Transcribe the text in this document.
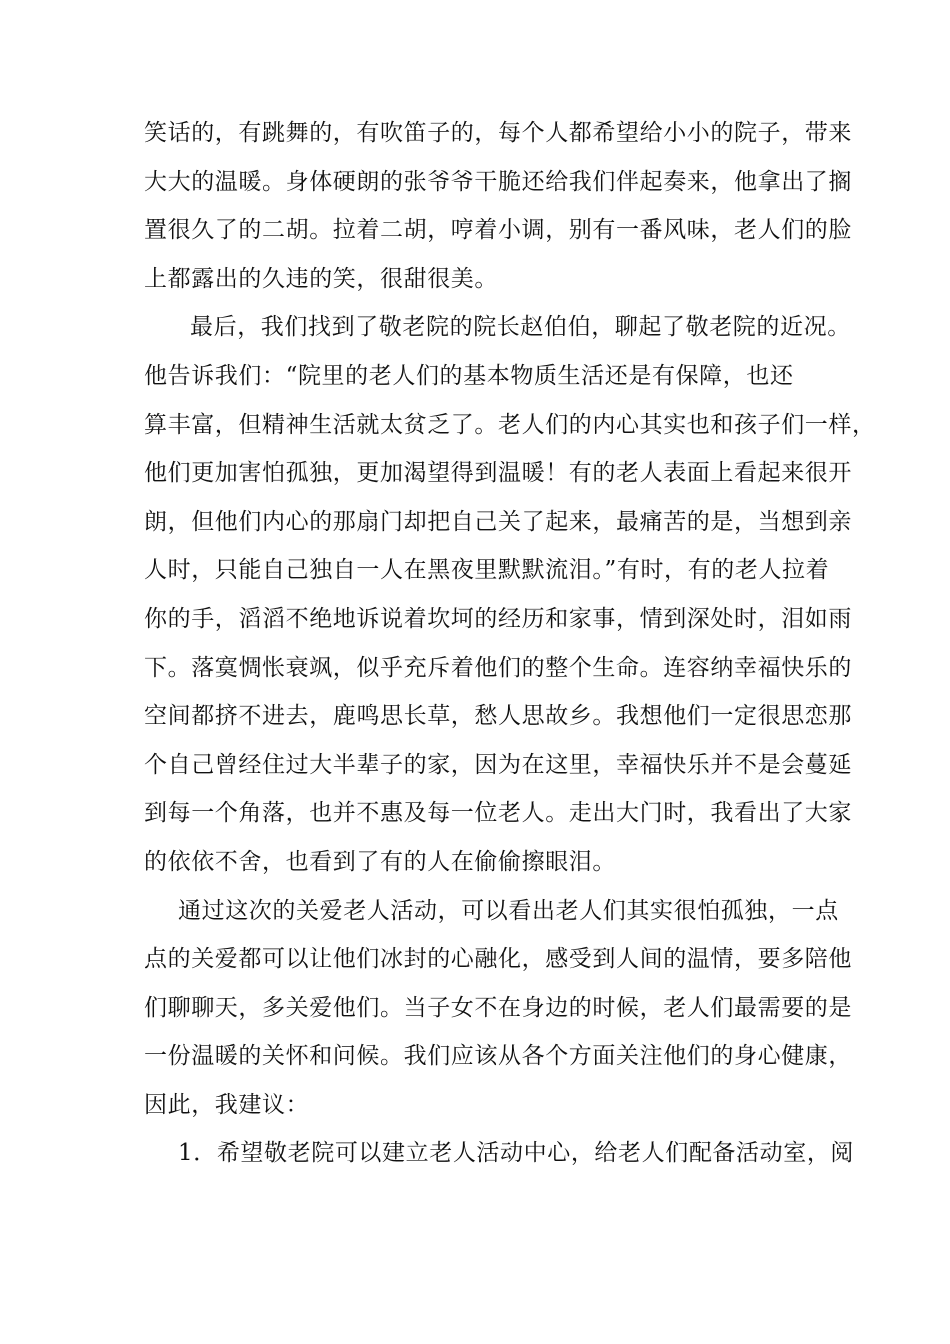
笑话的，有跳舞的，有吹笛子的，每个人都希望给小小的院子，带来
大大的温暖。身体硬朗的张爷爷干脆还给我们伴起奏来，他拿出了搁
置很久了的二胡。拉着二胡，哼着小调，别有一番风味，老人们的脸
上都露出的久违的笑，很甜很美。
最后，我们找到了敬老院的院长赵伯伯，聊起了敬老院的近况。
他告诉我们：“院里的老人们的基本物质生活还是有保障，也还
算丰富，但精神生活就太贫乏了。老人们的内心其实也和孩子们一样，
他们更加害怕孤独，更加渴望得到温暖！有的老人表面上看起来很开
朗，但他们内心的那扇门却把自己关了起来，最痛苦的是，当想到亲
人时，只能自己独自一人在黑夜里默默流泪。”有时，有的老人拉着
你的手，滔滔不绝地诉说着坎坷的经历和家事，情到深处时，泪如雨
下。落寞惆怅衰飒，似乎充斥着他们的整个生命。连容纳幸福快乐的
空间都挤不进去，鹿鸣思长草，愁人思故乡。我想他们一定很思恋那
个自己曾经住过大半辈子的家，因为在这里，幸福快乐并不是会蔓延
到每一个角落，也并不惠及每一位老人。走出大门时，我看出了大家
的依依不舍，也看到了有的人在偷偷擦眼泪。
通过这次的关爱老人活动，可以看出老人们其实很怕孤独，一点
点的关爱都可以让他们冰封的心融化，感受到人间的温情，要多陪他
们聊聊天，多关爱他们。当子女不在身边的时候，老人们最需要的是
一份温暖的关怀和问候。我们应该从各个方面关注他们的身心健康，
因此，我建议：
1．希望敬老院可以建立老人活动中心，给老人们配备活动室，阅
